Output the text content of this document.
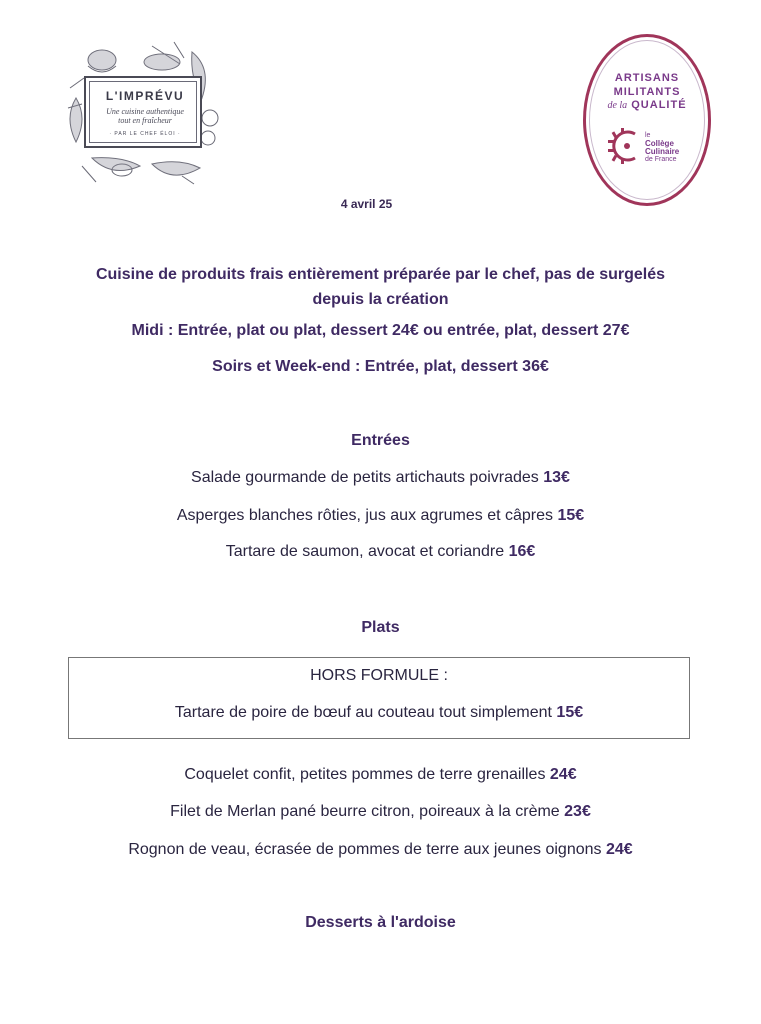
L'IMPRÉVU
Une cuisine authentique
tout en fraîcheur
· PAR LE CHEF ÉLOI ·
ARTISANS
MILITANTS
de la QUALITÉ
le
Collège
Culinaire
de France
4 avril 25
Cuisine de produits frais entièrement préparée par le chef, pas de surgelés
depuis la création
Midi : Entrée, plat ou plat, dessert 24€ ou entrée, plat, dessert 27€
Soirs et Week-end : Entrée, plat, dessert 36€
Entrées
Salade gourmande de petits artichauts poivrades 13€
Asperges blanches rôties, jus aux agrumes et câpres 15€
Tartare de saumon, avocat et coriandre 16€
Plats
HORS FORMULE :
Tartare de poire de bœuf au couteau tout simplement 15€
Coquelet confit, petites pommes de terre grenailles 24€
Filet de Merlan pané beurre citron, poireaux à la crème 23€
Rognon de veau, écrasée de pommes de terre aux jeunes oignons 24€
Desserts à l'ardoise
